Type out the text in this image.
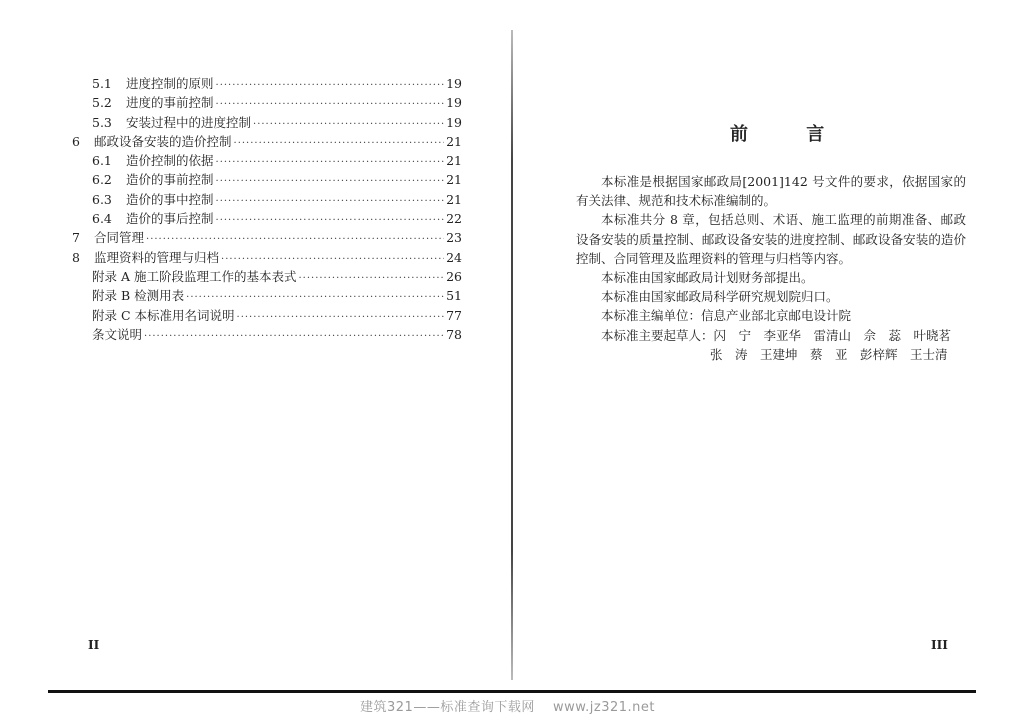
5.1	进度控制的原则 ·····	19
5.2	进度的事前控制 ·····	19
5.3	安装过程中的进度控制 ·····	19
6	邮政设备安装的造价控制 ·····	21
6.1	造价控制的依据 ·····	21
6.2	造价的事前控制 ·····	21
6.3	造价的事中控制 ·····	21
6.4	造价的事后控制 ·····	22
7	合同管理 ·····	23
8	监理资料的管理与归档 ·····	24
附录 A 施工阶段监理工作的基本表式 ·····	26
附录 B 检测用表 ·····	51
附录 C 本标准用名词说明 ·····	77
条文说明 ·····	78
II
前 言

本标准是根据国家邮政局[2001]142 号文件的要求，依据国家的有关法律、规范和技术标准编制的。

本标准共分 8 章，包括总则、术语、施工监理的前期准备、邮政设备安装的质量控制、邮政设备安装的进度控制、邮政设备安装的造价控制、合同管理及监理资料的管理与归档等内容。

本标准由国家邮政局计划财务部提出。

本标准由国家邮政局科学研究规划院归口。

本标准主编单位：信息产业部北京邮电设计院

本标准主要起草人：闪　宁　李亚华　雷清山　佘　蕊　叶晓茗

张　涛　王建坤　蔡　亚　彭梓辉　王士清
III
建筑321——标准查询下载网　 www.jz321.net
